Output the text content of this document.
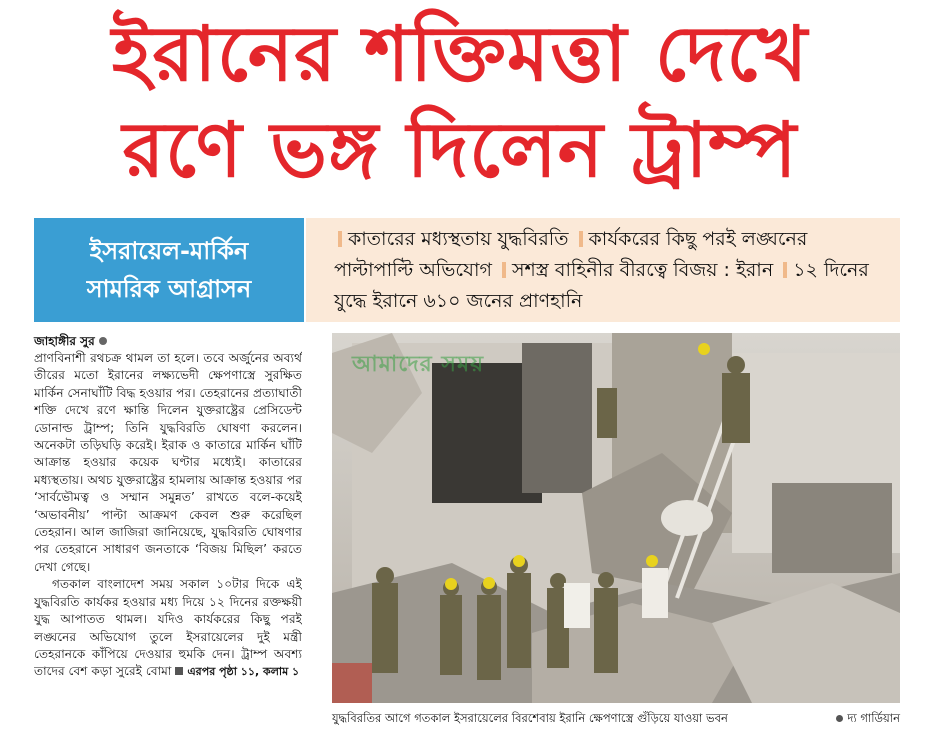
ইরানের শক্তিমত্তা দেখে
রণে ভঙ্গ দিলেন ট্রাম্প
ইসরায়েল-মার্কিন
সামরিক আগ্রাসন
কাতারের মধ্যস্থতায় যুদ্ধবিরতি কার্যকরের কিছু পরই লঙ্ঘনের পাল্টাপাল্টি অভিযোগ সশস্ত্র বাহিনীর বীরত্বে বিজয় : ইরান ১২ দিনের যুদ্ধে ইরানে ৬১০ জনের প্রাণহানি
জাহাঙ্গীর সুর

প্রাণবিনাশী রথচক্র থামল তা হলে। তবে অর্জুনের অব্যর্থ তীরের মতো ইরানের লক্ষ্যভেদী ক্ষেপণাস্ত্রে সুরক্ষিত মার্কিন সেনাঘাঁটি বিদ্ধ হওয়ার পর। তেহরানের প্রত্যাঘাতী শক্তি দেখে রণে ক্ষান্তি দিলেন যুক্তরাষ্ট্রের প্রেসিডেন্ট ডোনাল্ড ট্রাম্প; তিনি যুদ্ধবিরতি ঘোষণা করলেন। অনেকটা তড়িঘড়ি করেই। ইরাক ও কাতারে মার্কিন ঘাঁটি আক্রান্ত হওয়ার কয়েক ঘণ্টার মধ্যেই। কাতারের মধ্যস্থতায়। অথচ যুক্তরাষ্ট্রের হামলায় আক্রান্ত হওয়ার পর ‘সার্বভৌমত্ব ও সম্মান সমুন্নত’ রাখতে বলে-কয়েই ‘অভাবনীয়’ পাল্টা আক্রমণ কেবল শুরু করেছিল তেহরান। আল জাজিরা জানিয়েছে, যুদ্ধবিরতি ঘোষণার পর তেহরানে সাধারণ জনতাকে ‘বিজয় মিছিল’ করতে দেখা গেছে।

গতকাল বাংলাদেশ সময় সকাল ১০টার দিকে এই যুদ্ধবিরতি কার্যকর হওয়ার মধ্য দিয়ে ১২ দিনের রক্তক্ষয়ী যুদ্ধ আপাতত থামল। যদিও কার্যকরের কিছু পরই লঙ্ঘনের অভিযোগ তুলে ইসরায়েলের দুই মন্ত্রী তেহরানকে কাঁপিয়ে দেওয়ার হুমকি দেন। ট্রাম্প অবশ্য তাদের বেশ কড়া সুরেই বোমা এরপর পৃষ্ঠা ১১, কলাম ১

আমাদের সময়
যুদ্ধবিরতির আগে গতকাল ইসরায়েলের বিরশেবায় ইরানি ক্ষেপণাস্ত্রে গুঁড়িয়ে যাওয়া ভবন	দ্য গার্ডিয়ান
